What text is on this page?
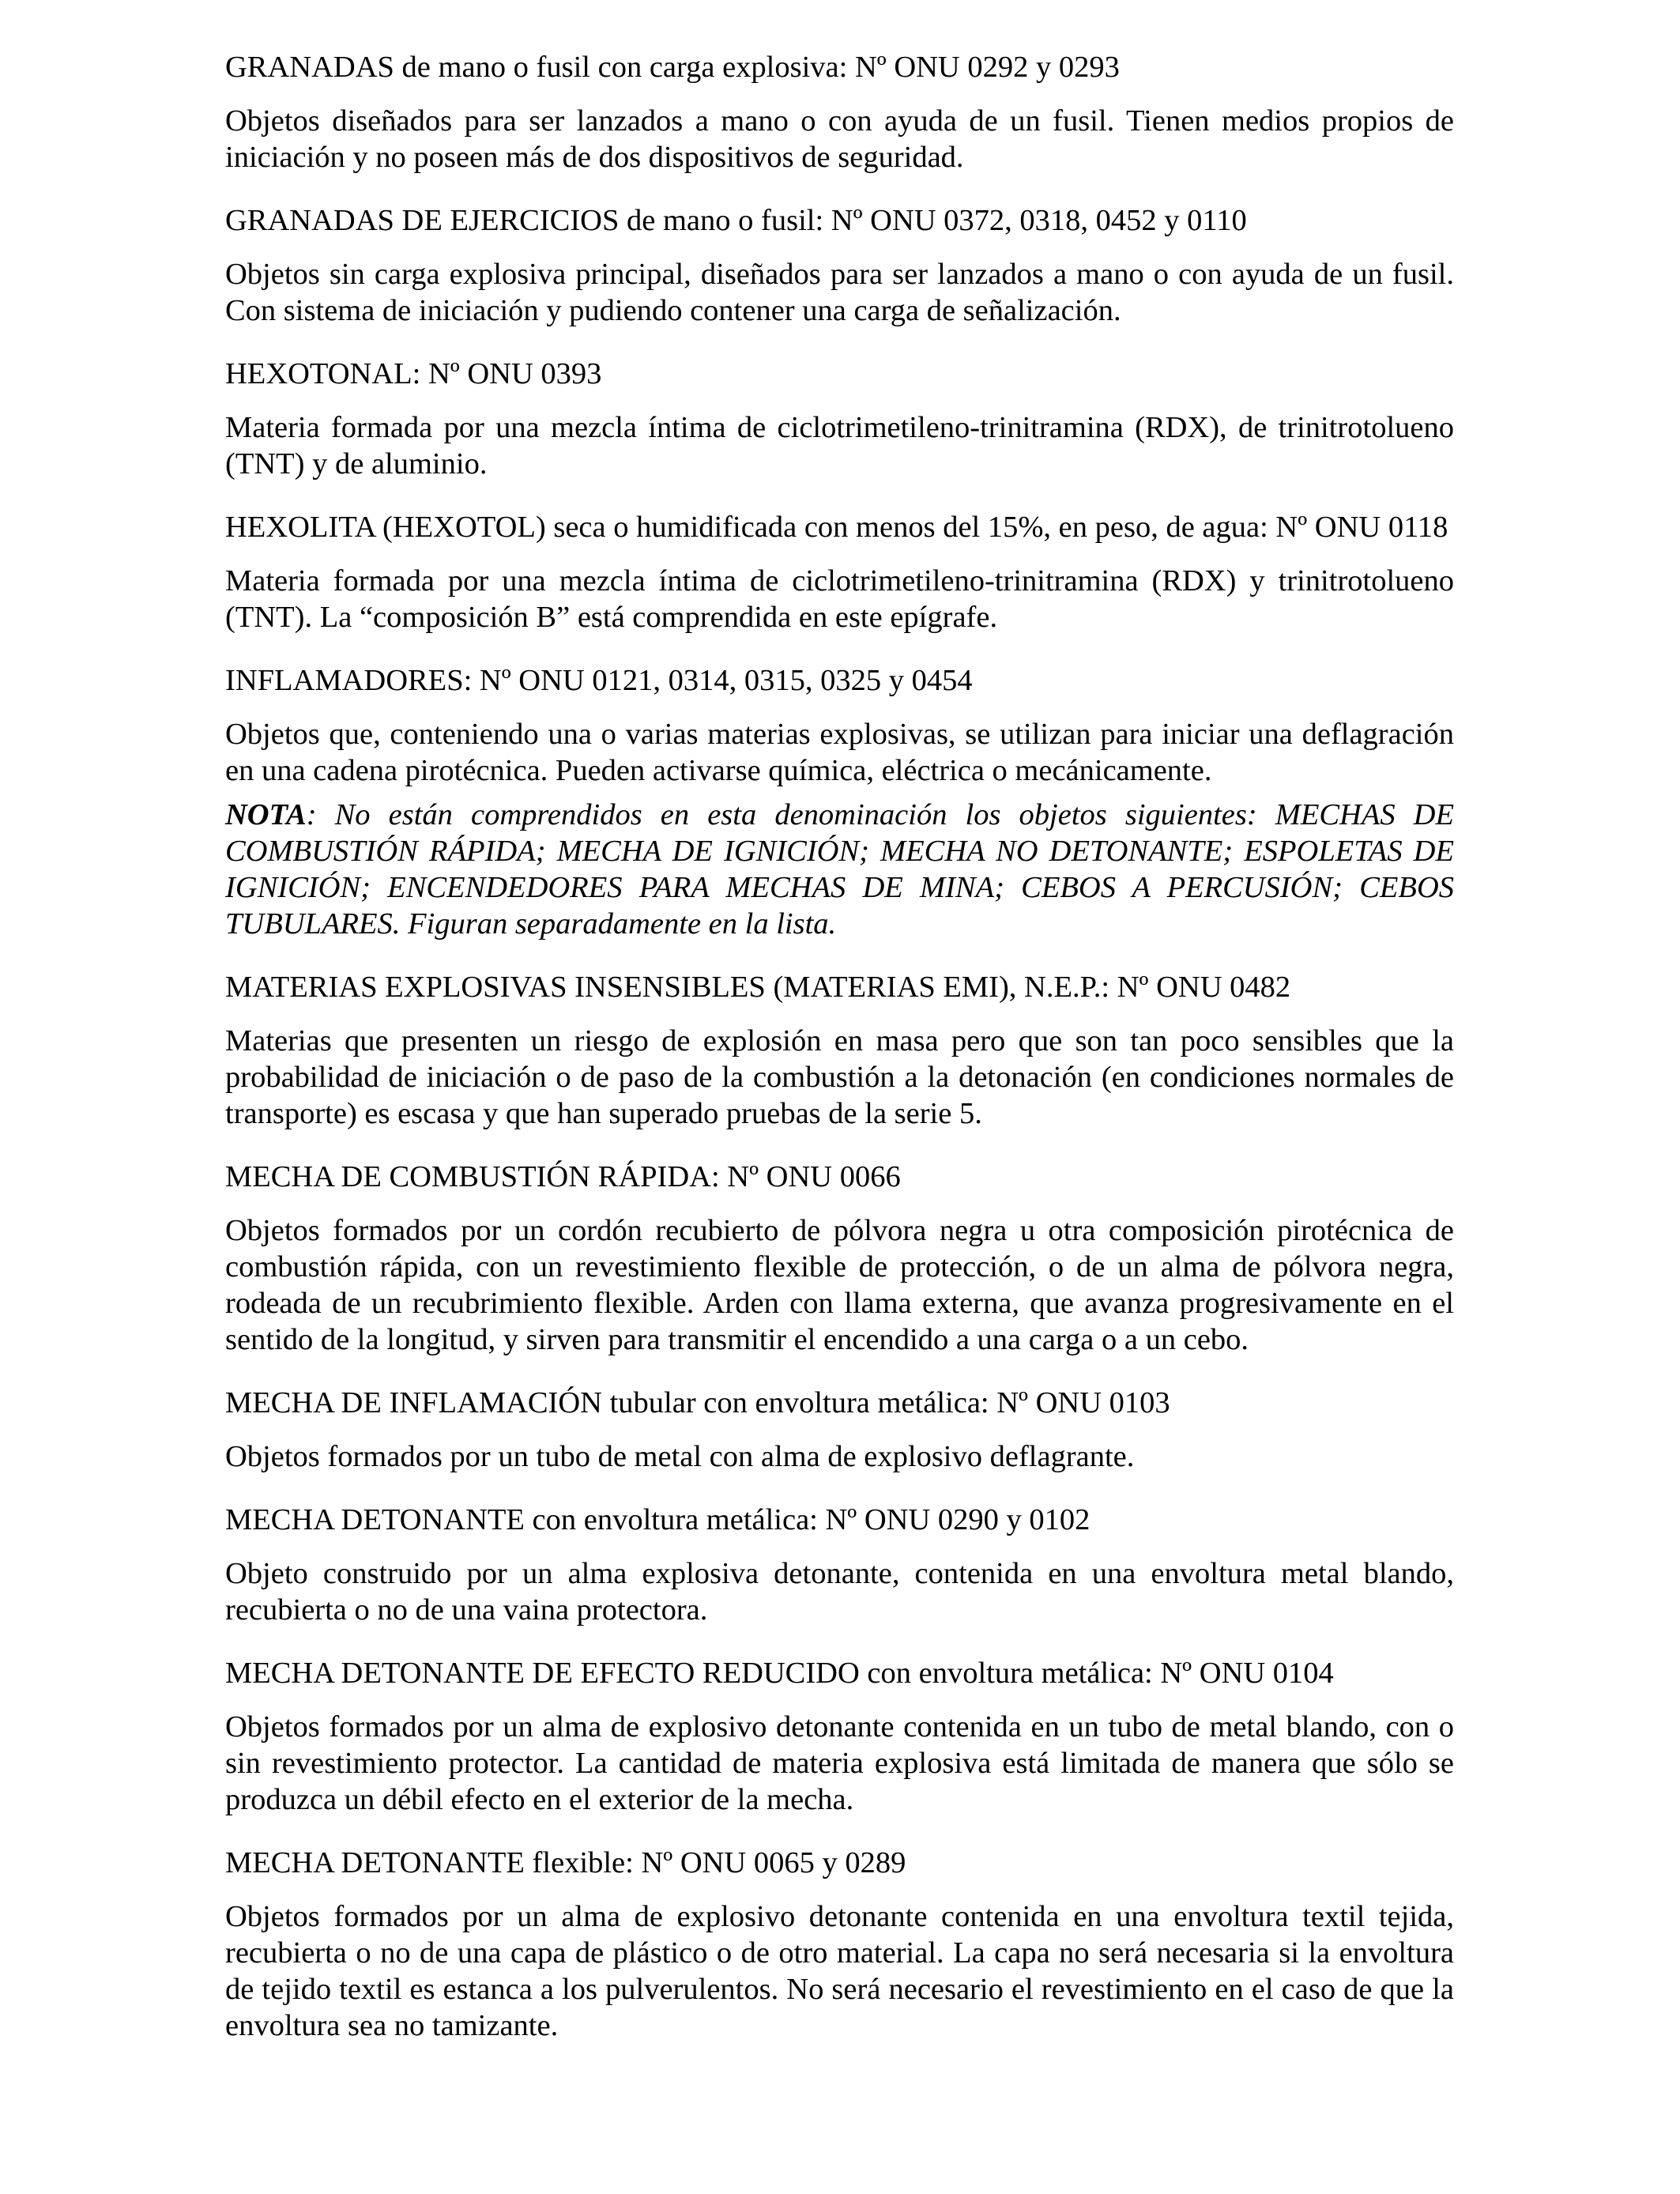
GRANADAS de mano o fusil con carga explosiva: Nº ONU 0292 y 0293

Objetos diseñados para ser lanzados a mano o con ayuda de un fusil. Tienen medios propios de iniciación y no poseen más de dos dispositivos de seguridad.

GRANADAS DE EJERCICIOS de mano o fusil: Nº ONU 0372, 0318, 0452 y 0110

Objetos sin carga explosiva principal, diseñados para ser lanzados a mano o con ayuda de un fusil. Con sistema de iniciación y pudiendo contener una carga de señalización.

HEXOTONAL: Nº ONU 0393

Materia formada por una mezcla íntima de ciclotrimetileno-trinitramina (RDX), de trinitrotolueno (TNT) y de aluminio.

HEXOLITA (HEXOTOL) seca o humidificada con menos del 15%, en peso, de agua: Nº ONU 0118

Materia formada por una mezcla íntima de ciclotrimetileno-trinitramina (RDX) y trinitrotolueno (TNT). La “composición B” está comprendida en este epígrafe.

INFLAMADORES: Nº ONU 0121, 0314, 0315, 0325 y 0454

Objetos que, conteniendo una o varias materias explosivas, se utilizan para iniciar una deflagración en una cadena pirotécnica. Pueden activarse química, eléctrica o mecánicamente.

NOTA: No están comprendidos en esta denominación los objetos siguientes: MECHAS DE COMBUSTIÓN RÁPIDA; MECHA DE IGNICIÓN; MECHA NO DETONANTE; ESPOLETAS DE IGNICIÓN; ENCENDEDORES PARA MECHAS DE MINA; CEBOS A PERCUSIÓN; CEBOS TUBULARES. Figuran separadamente en la lista.

MATERIAS EXPLOSIVAS INSENSIBLES (MATERIAS EMI), N.E.P.: Nº ONU 0482

Materias que presenten un riesgo de explosión en masa pero que son tan poco sensibles que la probabilidad de iniciación o de paso de la combustión a la detonación (en condiciones normales de transporte) es escasa y que han superado pruebas de la serie 5.

MECHA DE COMBUSTIÓN RÁPIDA: Nº ONU 0066

Objetos formados por un cordón recubierto de pólvora negra u otra composición pirotécnica de combustión rápida, con un revestimiento flexible de protección, o de un alma de pólvora negra, rodeada de un recubrimiento flexible. Arden con llama externa, que avanza progresivamente en el sentido de la longitud, y sirven para transmitir el encendido a una carga o a un cebo.

MECHA DE INFLAMACIÓN tubular con envoltura metálica: Nº ONU 0103

Objetos formados por un tubo de metal con alma de explosivo deflagrante.

MECHA DETONANTE con envoltura metálica: Nº ONU 0290 y 0102

Objeto construido por un alma explosiva detonante, contenida en una envoltura metal blando, recubierta o no de una vaina protectora.

MECHA DETONANTE DE EFECTO REDUCIDO con envoltura metálica: Nº ONU 0104

Objetos formados por un alma de explosivo detonante contenida en un tubo de metal blando, con o sin revestimiento protector. La cantidad de materia explosiva está limitada de manera que sólo se produzca un débil efecto en el exterior de la mecha.

MECHA DETONANTE flexible: Nº ONU 0065 y 0289

Objetos formados por un alma de explosivo detonante contenida en una envoltura textil tejida, recubierta o no de una capa de plástico o de otro material. La capa no será necesaria si la envoltura de tejido textil es estanca a los pulverulentos. No será necesario el revestimiento en el caso de que la envoltura sea no tamizante.
